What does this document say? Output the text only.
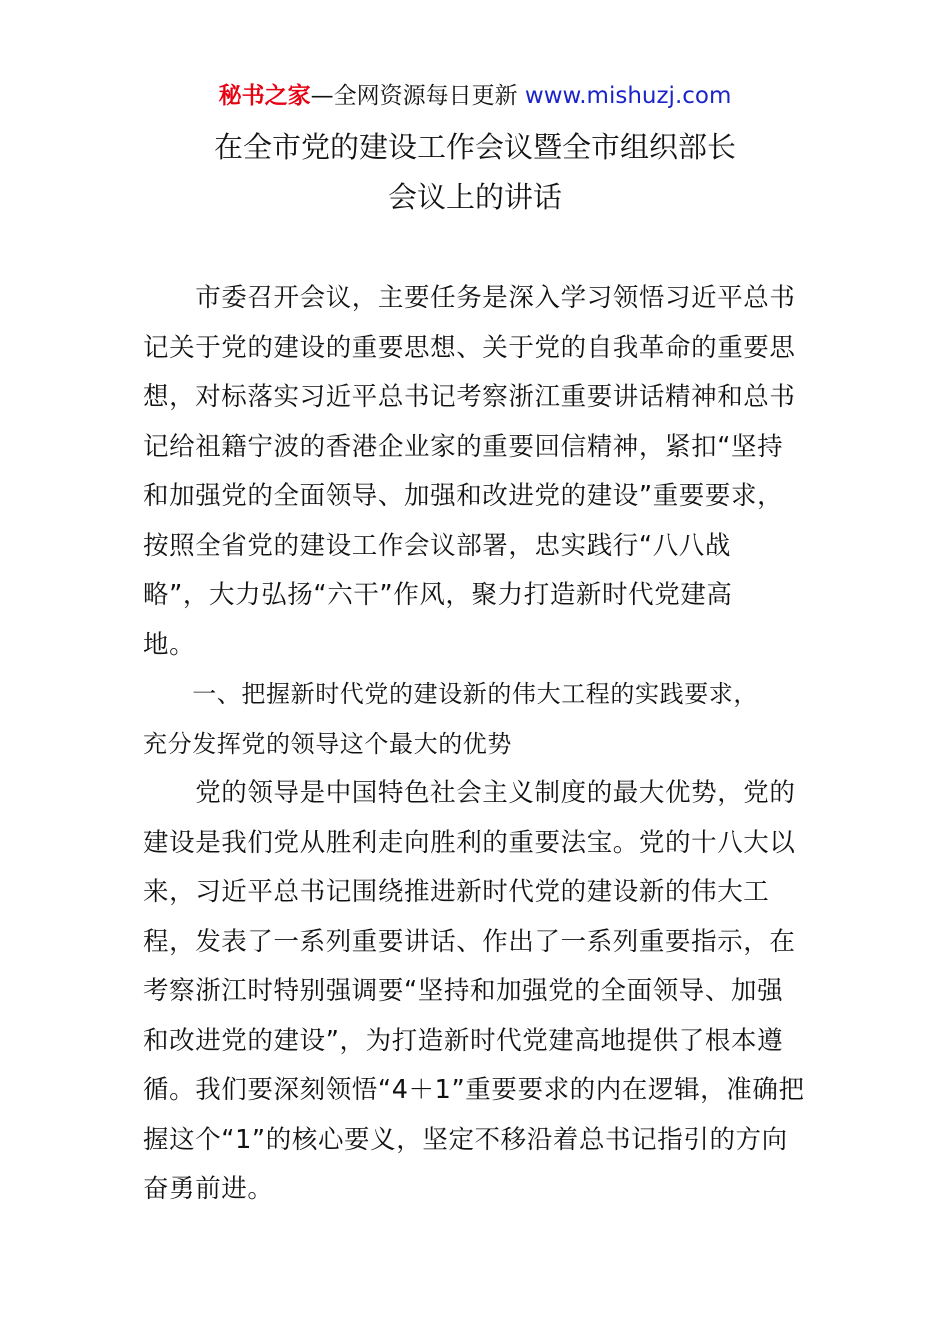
秘书之家—全网资源每日更新 www.mishuzj.com
在全市党的建设工作会议暨全市组织部长
会议上的讲话
　　市委召开会议，主要任务是深入学习领悟习近平总书
记关于党的建设的重要思想、关于党的自我革命的重要思
想，对标落实习近平总书记考察浙江重要讲话精神和总书
记给祖籍宁波的香港企业家的重要回信精神，紧扣“坚持
和加强党的全面领导、加强和改进党的建设”重要要求，
按照全省党的建设工作会议部署，忠实践行“八八战
略”，大力弘扬“六干”作风，聚力打造新时代党建高
地。
　　一、把握新时代党的建设新的伟大工程的实践要求，
充分发挥党的领导这个最大的优势
　　党的领导是中国特色社会主义制度的最大优势，党的
建设是我们党从胜利走向胜利的重要法宝。党的十八大以
来，习近平总书记围绕推进新时代党的建设新的伟大工
程，发表了一系列重要讲话、作出了一系列重要指示，在
考察浙江时特别强调要“坚持和加强党的全面领导、加强
和改进党的建设”，为打造新时代党建高地提供了根本遵
循。我们要深刻领悟“4＋1”重要要求的内在逻辑，准确把
握这个“1”的核心要义，坚定不移沿着总书记指引的方向
奋勇前进。
